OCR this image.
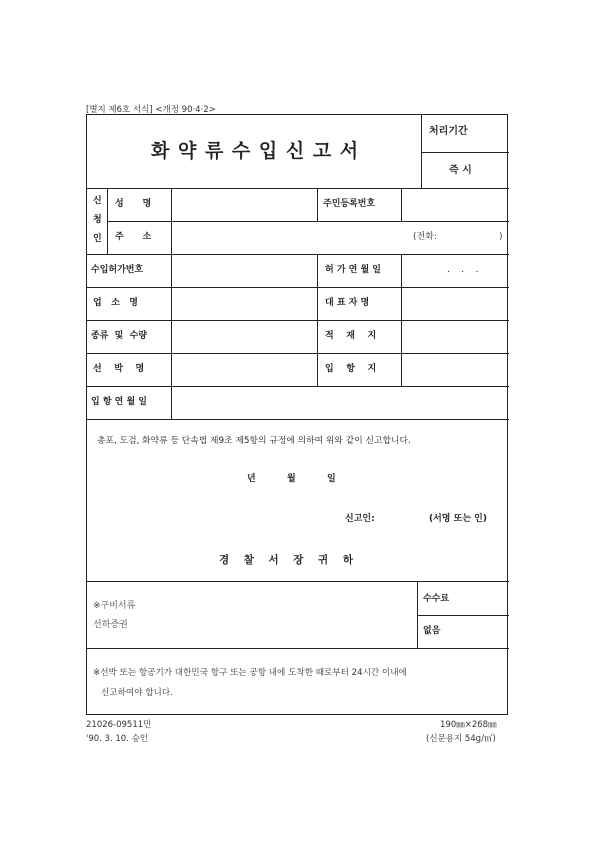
[별지 제6호 서식] <개정 90·4·2>
화 약 류 수 입 신 고 서
처리기간
즉 시
신
청
인
성      명	주민등록번호
주      소	(전화:	)
수입허가번호	허 가 연 월 일	.    .    .
업   소   명	대 표 자 명
종류  및  수량	적    재    지
선    박    명	입    항    지
입 항 연 월 일
총포, 도검, 화약류 등 단속법 제9조 제5항의 규정에 의하여 위와 같이 신고합니다.
년          월          일
신고인:	(서명 또는 인)
경    찰    서    장    귀    하
※구비서류
선하증권
수수료
없음
※선박 또는 항공기가 대한민국 항구 또는 공항 내에 도착한 때로부터 24시간 이내에
신고하여야 합니다.
21026-09511민
'90. 3. 10. 승인
190㎜×268㎜
(신문용지 54g/㎡)
